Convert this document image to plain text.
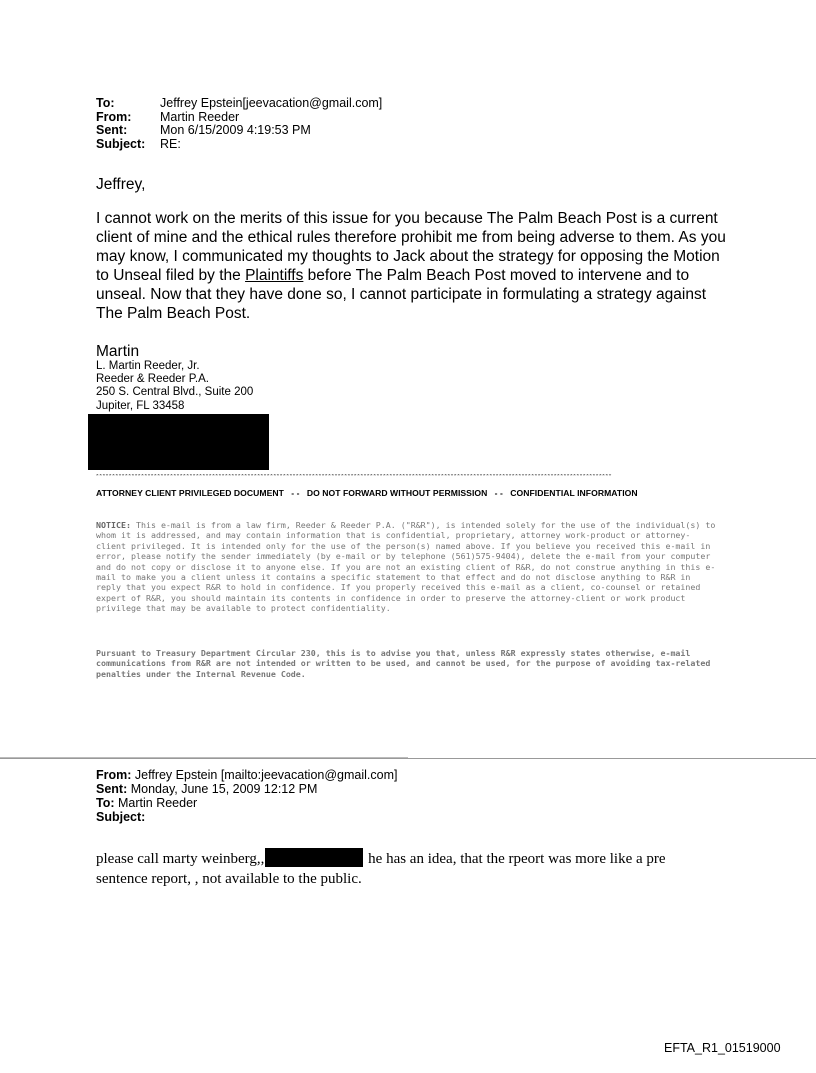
To:	Jeffrey Epstein[jeevacation@gmail.com]
From:	Martin Reeder
Sent:	Mon 6/15/2009 4:19:53 PM
Subject:	RE:
Jeffrey,
I cannot work on the merits of this issue for you because The Palm Beach Post is a current client of mine and the ethical rules therefore prohibit me from being adverse to them. As you may know, I communicated my thoughts to Jack about the strategy for opposing the Motion to Unseal filed by the Plaintiffs before The Palm Beach Post moved to intervene and to unseal. Now that they have done so, I cannot participate in formulating a strategy against The Palm Beach Post.
Martin
L. Martin Reeder, Jr.
Reeder & Reeder P.A.
250 S. Central Blvd., Suite 200
Jupiter, FL 33458
****************************************************************************************************************************************************************
ATTORNEY CLIENT PRIVILEGED DOCUMENT   - -   DO NOT FORWARD WITHOUT PERMISSION   - -   CONFIDENTIAL INFORMATION
NOTICE: This e-mail is from a law firm, Reeder & Reeder P.A. ("R&R"), is intended solely for the use of the individual(s) to whom it is addressed, and may contain information that is confidential, proprietary, attorney work-product or attorney-client privileged. It is intended only for the use of the person(s) named above. If you believe you received this e-mail in error, please notify the sender immediately (by e-mail or by telephone (561)575-9404), delete the e-mail from your computer and do not copy or disclose it to anyone else. If you are not an existing client of R&R, do not construe anything in this e-mail to make you a client unless it contains a specific statement to that effect and do not disclose anything to R&R in reply that you expect R&R to hold in confidence. If you properly received this e-mail as a client, co-counsel or retained expert of R&R, you should maintain its contents in confidence in order to preserve the attorney-client or work product privilege that may be available to protect confidentiality.
Pursuant to Treasury Department Circular 230, this is to advise you that, unless R&R expressly states otherwise, e-mail communications from R&R are not intended or written to be used, and cannot be used, for the purpose of avoiding tax-related penalties under the Internal Revenue Code.
From: Jeffrey Epstein [mailto:jeevacation@gmail.com]
Sent: Monday, June 15, 2009 12:12 PM
To: Martin Reeder
Subject:
please call marty weinberg,,	he has an idea, that the rpeort was more like a pre sentence report, , not available to the public.
EFTA_R1_01519000
